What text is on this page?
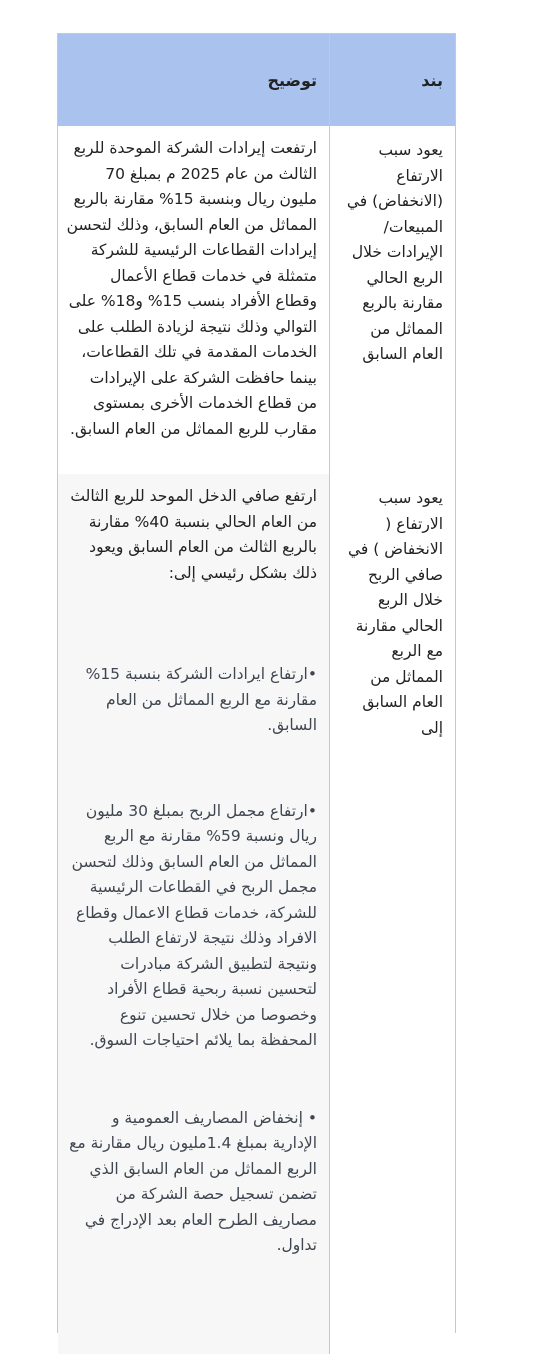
بند
توضيح
يعود سبب الارتفاع (الانخفاض) في المبيعات/ الإيرادات خلال الربع الحالي مقارنة بالربع المماثل من العام السابق

ارتفعت إيرادات الشركة الموحدة للربع الثالث من عام 2025 م بمبلغ 70 مليون ريال وبنسبة 15% مقارنة بالربع المماثل من العام السابق، وذلك لتحسن إيرادات القطاعات الرئيسية للشركة متمثلة في خدمات قطاع الأعمال وقطاع الأفراد بنسب 15% و18% على التوالي وذلك نتيجة لزيادة الطلب على الخدمات المقدمة في تلك القطاعات، بينما حافظت الشركة على الإيرادات من قطاع الخدمات الأخرى بمستوى مقارب للربع المماثل من العام السابق.

يعود سبب الارتفاع ( الانخفاض ) في صافي الربح خلال الربع الحالي مقارنة مع الربع المماثل من العام السابق إلى

ارتفع صافي الدخل الموحد للربع الثالث من العام الحالي بنسبة 40% مقارنة بالربع الثالث من العام السابق ويعود ذلك بشكل رئيسي إلى:

•ارتفاع ايرادات الشركة بنسبة 15% مقارنة مع الربع المماثل من العام السابق.

•ارتفاع مجمل الربح بمبلغ 30 مليون ريال ونسبة 59% مقارنة مع الربع المماثل من العام السابق وذلك لتحسن مجمل الربح في القطاعات الرئيسية للشركة، خدمات قطاع الاعمال وقطاع الافراد وذلك نتيجة لارتفاع الطلب ونتيجة لتطبيق الشركة مبادرات لتحسين نسبة ربحية قطاع الأفراد وخصوصا من خلال تحسين تنوع المحفظة بما يلائم احتياجات السوق.

• إنخفاض المصاريف العمومية و الإدارية بمبلغ 1.4مليون ريال مقارنة مع الربع المماثل من العام السابق الذي تضمن تسجيل حصة الشركة من مصاريف الطرح العام بعد الإدراج في تداول.
